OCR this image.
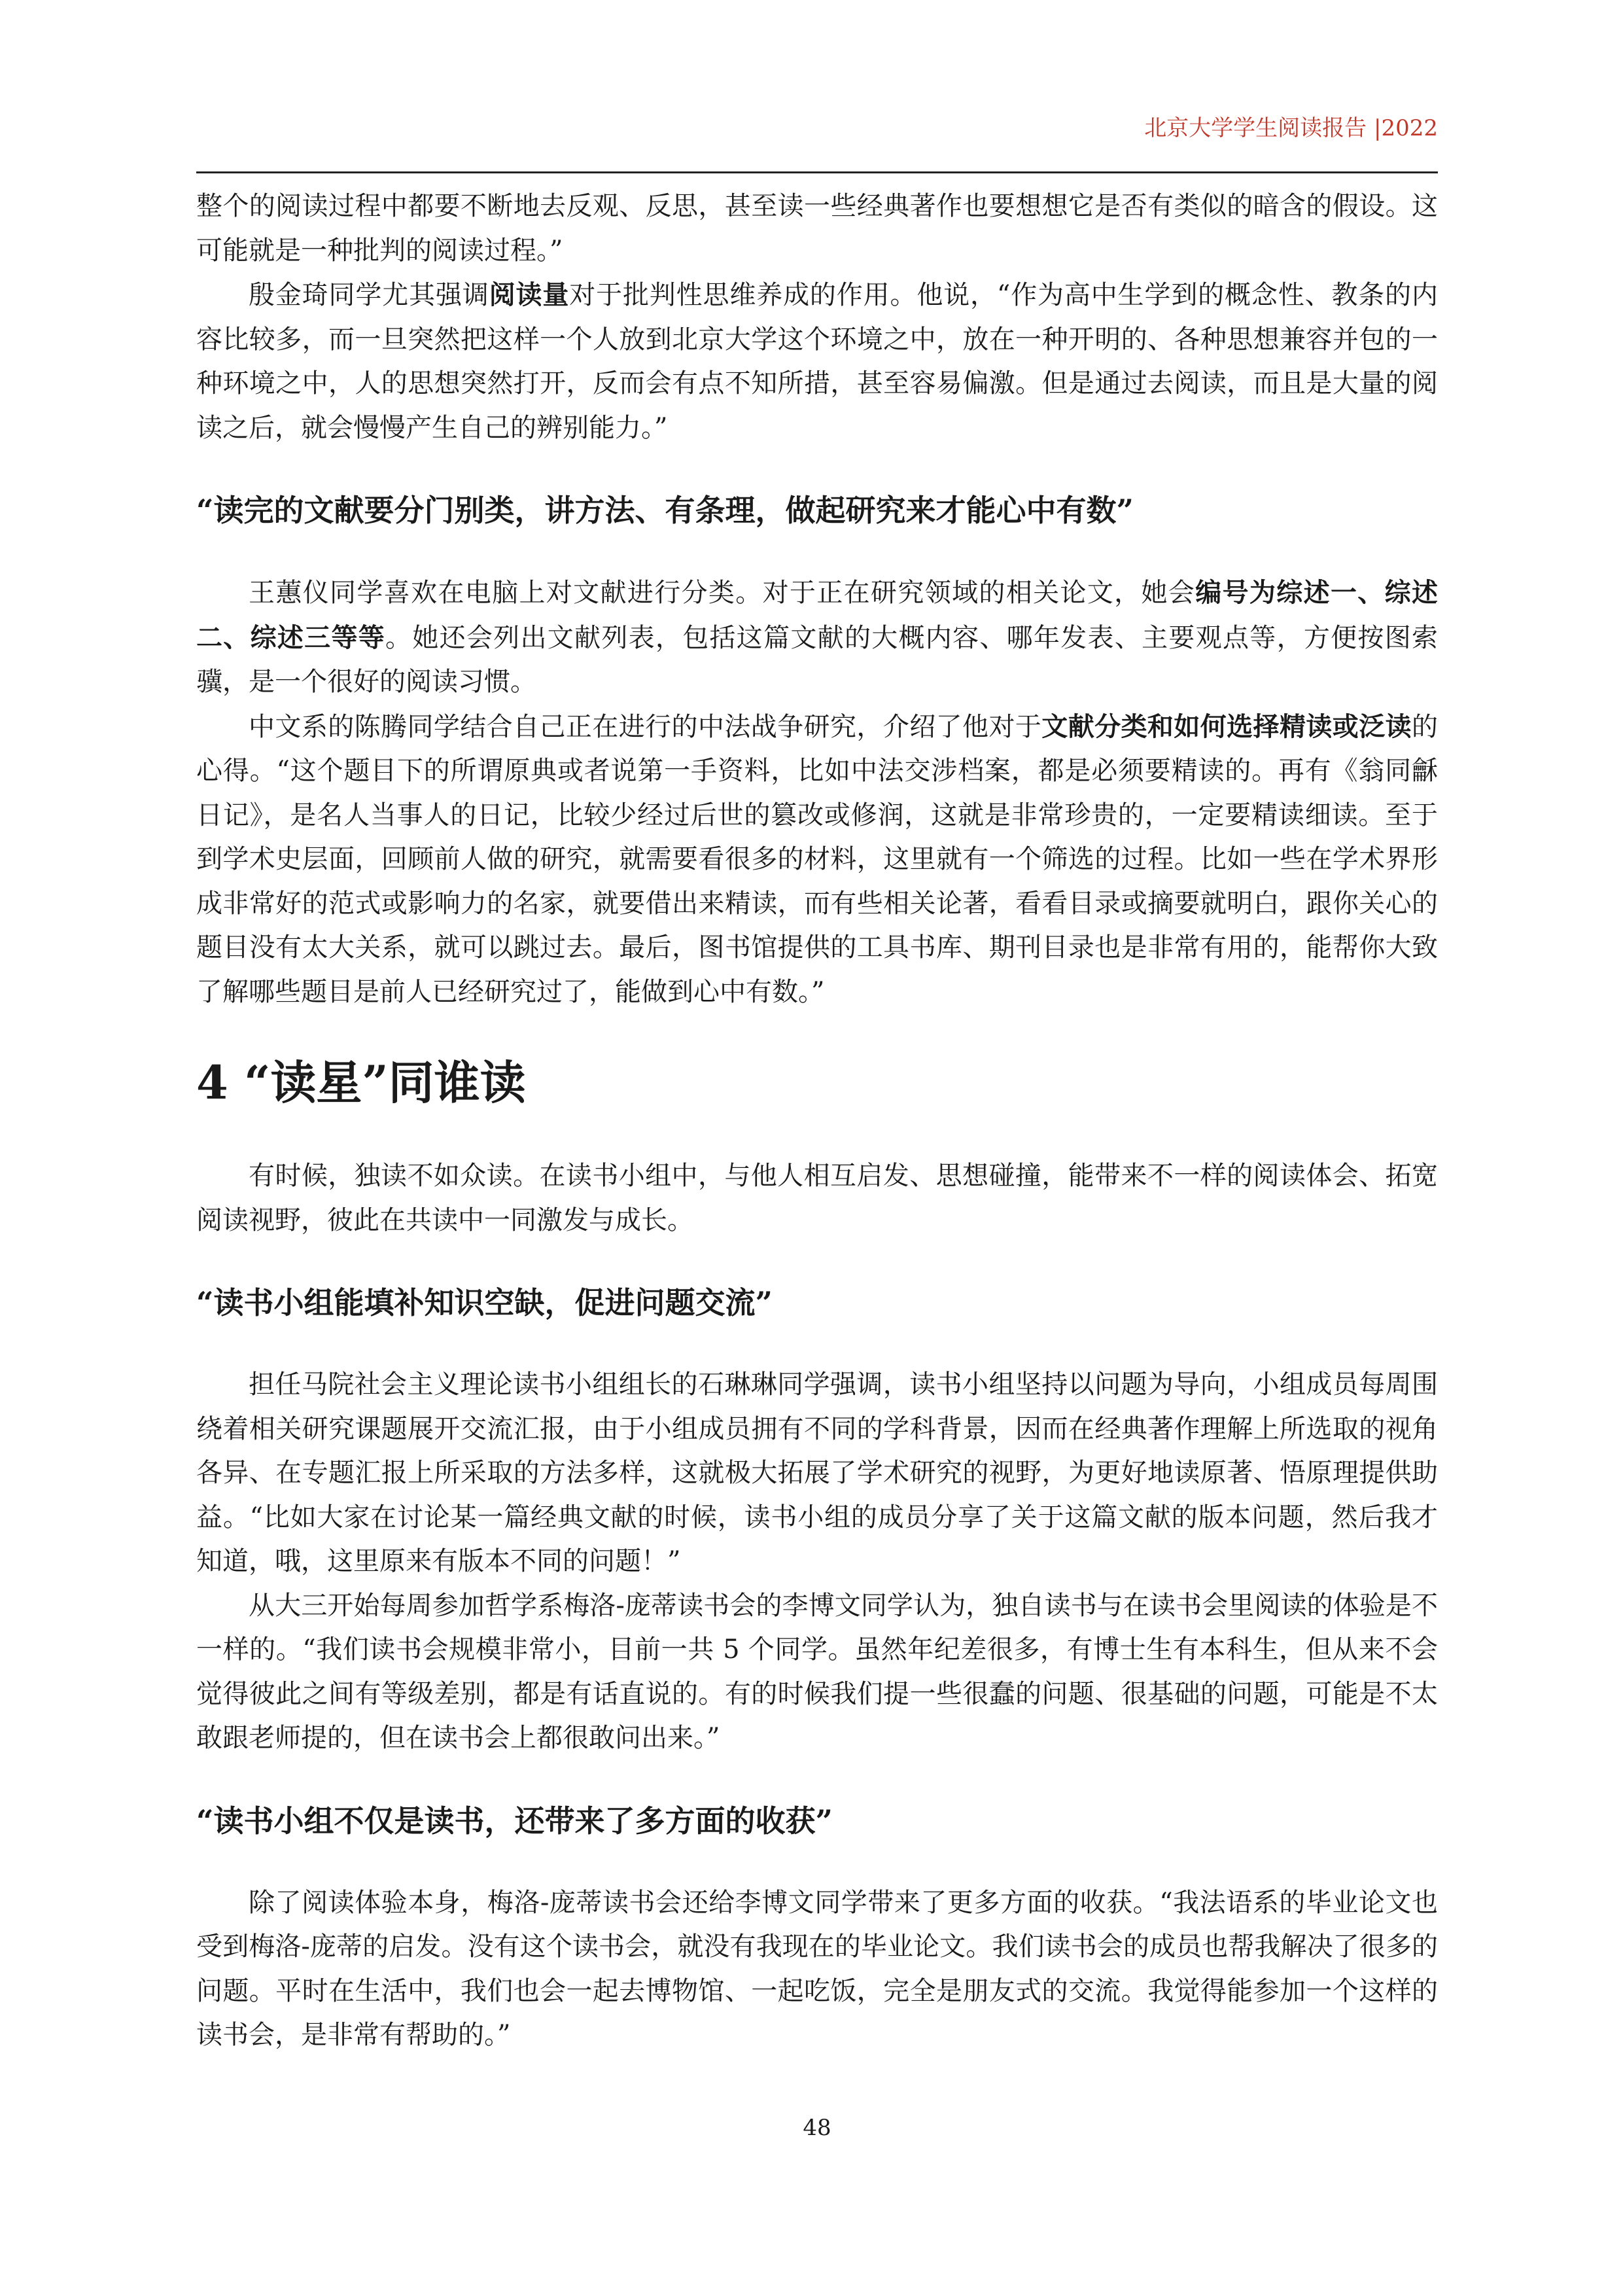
北京大学学生阅读报告 |2022

整个的阅读过程中都要不断地去反观、反思，甚至读一些经典著作也要想想它是否有类似的暗含的假设。这可能就是一种批判的阅读过程。”

殷金琦同学尤其强调阅读量对于批判性思维养成的作用。他说，“作为高中生学到的概念性、教条的内容比较多，而一旦突然把这样一个人放到北京大学这个环境之中，放在一种开明的、各种思想兼容并包的一种环境之中，人的思想突然打开，反而会有点不知所措，甚至容易偏激。但是通过去阅读，而且是大量的阅读之后，就会慢慢产生自己的辨别能力。”

“读完的文献要分门别类，讲方法、有条理，做起研究来才能心中有数”

王蕙仪同学喜欢在电脑上对文献进行分类。对于正在研究领域的相关论文，她会编号为综述一、综述二、综述三等等。她还会列出文献列表，包括这篇文献的大概内容、哪年发表、主要观点等，方便按图索骥，是一个很好的阅读习惯。

中文系的陈腾同学结合自己正在进行的中法战争研究，介绍了他对于文献分类和如何选择精读或泛读的心得。“这个题目下的所谓原典或者说第一手资料，比如中法交涉档案，都是必须要精读的。再有《翁同龢日记》，是名人当事人的日记，比较少经过后世的篡改或修润，这就是非常珍贵的，一定要精读细读。至于到学术史层面，回顾前人做的研究，就需要看很多的材料，这里就有一个筛选的过程。比如一些在学术界形成非常好的范式或影响力的名家，就要借出来精读，而有些相关论著，看看目录或摘要就明白，跟你关心的题目没有太大关系，就可以跳过去。最后，图书馆提供的工具书库、期刊目录也是非常有用的，能帮你大致了解哪些题目是前人已经研究过了，能做到心中有数。”

4 “读星”同谁读

有时候，独读不如众读。在读书小组中，与他人相互启发、思想碰撞，能带来不一样的阅读体会、拓宽阅读视野，彼此在共读中一同激发与成长。

“读书小组能填补知识空缺，促进问题交流”

担任马院社会主义理论读书小组组长的石琳琳同学强调，读书小组坚持以问题为导向，小组成员每周围绕着相关研究课题展开交流汇报，由于小组成员拥有不同的学科背景，因而在经典著作理解上所选取的视角各异、在专题汇报上所采取的方法多样，这就极大拓展了学术研究的视野，为更好地读原著、悟原理提供助益。“比如大家在讨论某一篇经典文献的时候，读书小组的成员分享了关于这篇文献的版本问题，然后我才知道，哦，这里原来有版本不同的问题！”

从大三开始每周参加哲学系梅洛-庞蒂读书会的李博文同学认为，独自读书与在读书会里阅读的体验是不一样的。“我们读书会规模非常小，目前一共 5 个同学。虽然年纪差很多，有博士生有本科生，但从来不会觉得彼此之间有等级差别，都是有话直说的。有的时候我们提一些很蠢的问题、很基础的问题，可能是不太敢跟老师提的，但在读书会上都很敢问出来。”

“读书小组不仅是读书，还带来了多方面的收获”

除了阅读体验本身，梅洛-庞蒂读书会还给李博文同学带来了更多方面的收获。“我法语系的毕业论文也受到梅洛-庞蒂的启发。没有这个读书会，就没有我现在的毕业论文。我们读书会的成员也帮我解决了很多的问题。平时在生活中，我们也会一起去博物馆、一起吃饭，完全是朋友式的交流。我觉得能参加一个这样的读书会，是非常有帮助的。”

48
